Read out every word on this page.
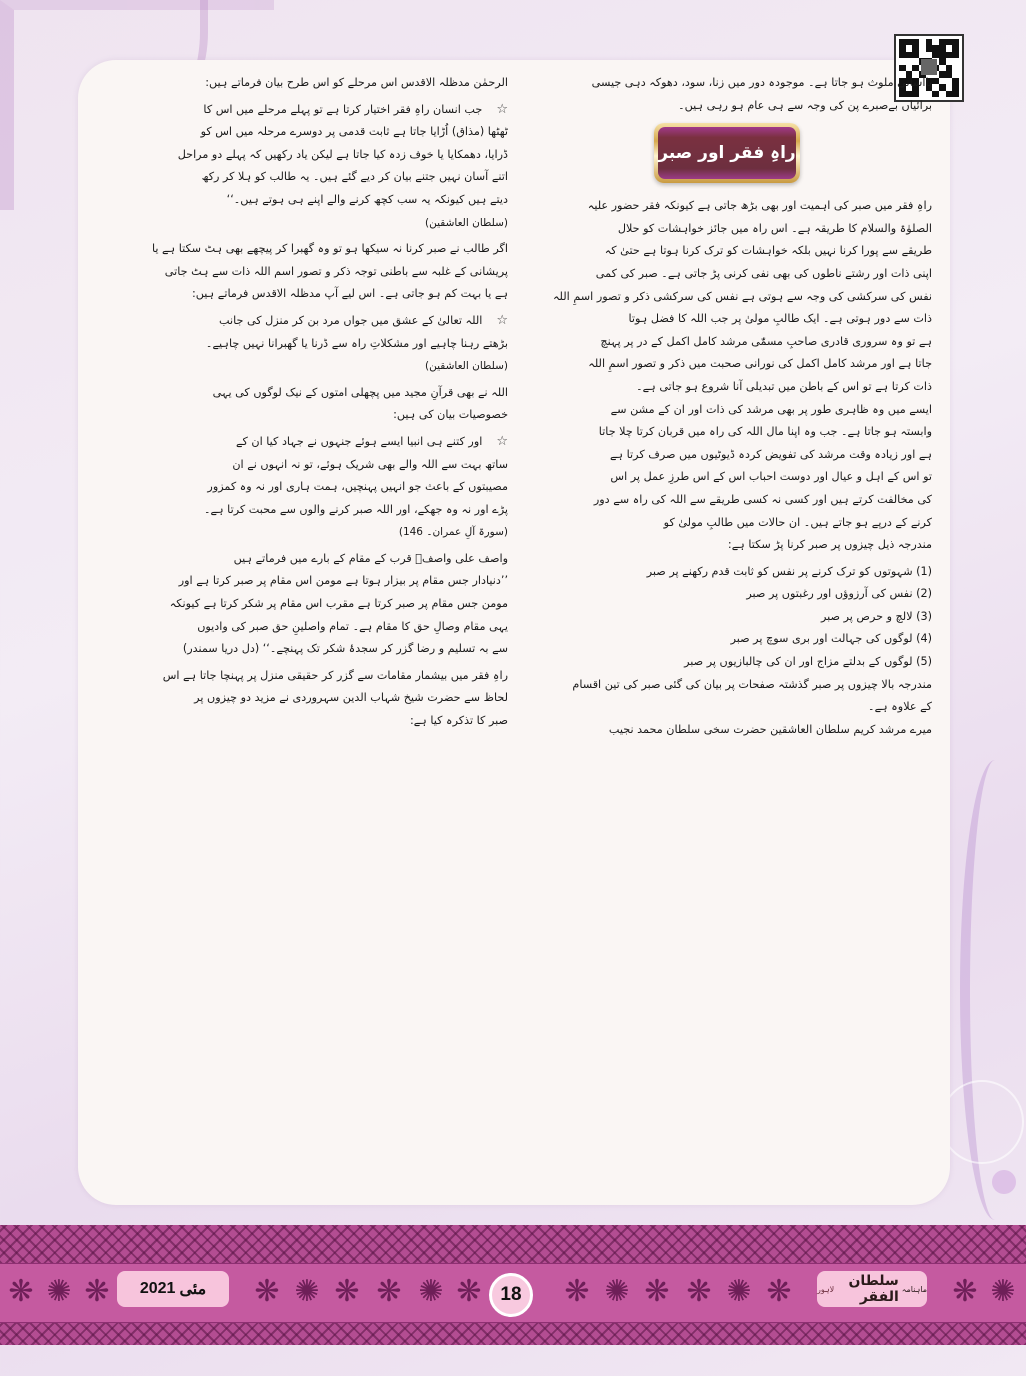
باآسانی ملوث ہو جاتا ہے۔ موجودہ دور میں زنا، سود، دھوکہ دہی جیسی
برائیاں بےصبرے پن کی وجہ سے ہی عام ہو رہی ہیں۔

راہِ فقر اور صبر

راہِ فقر میں صبر کی اہمیت اور بھی بڑھ جاتی ہے کیونکہ فقر حضور علیہ
الصلوٰۃ والسلام کا طریقہ ہے۔ اس راہ میں جائز خواہشات کو حلال
طریقے سے پورا کرنا نہیں بلکہ خواہشات کو ترک کرنا ہوتا ہے حتیٰ کہ
اپنی ذات اور رشتے ناطوں کی بھی نفی کرنی پڑ جاتی ہے۔ صبر کی کمی
نفس کی سرکشی کی وجہ سے ہوتی ہے نفس کی سرکشی ذکر و تصور اسمِ اللہ
ذات سے دور ہوتی ہے۔ ایک طالبِ مولیٰ پر جب اللہ کا فضل ہوتا
ہے تو وہ سروری قادری صاحبِ مسمّٰی مرشد کامل اکمل کے در پر پہنچ
جاتا ہے اور مرشد کامل اکمل کی نورانی صحبت میں ذکر و تصور اسمِ اللہ
ذات کرتا ہے تو اس کے باطن میں تبدیلی آنا شروع ہو جاتی ہے۔
ایسے میں وہ ظاہری طور پر بھی مرشد کی ذات اور ان کے مشن سے
وابستہ ہو جاتا ہے۔ جب وہ اپنا مال اللہ کی راہ میں قربان کرتا چلا جاتا
ہے اور زیادہ وقت مرشد کی تفویض کردہ ڈیوٹیوں میں صرف کرتا ہے
تو اس کے اہل و عیال اور دوست احباب اس کے اس طرزِ عمل پر اس
کی مخالفت کرتے ہیں اور کسی نہ کسی طریقے سے اللہ کی راہ سے دور
کرنے کے درپے ہو جاتے ہیں۔ ان حالات میں طالبِ مولیٰ کو
مندرجہ ذیل چیزوں پر صبر کرنا پڑ سکتا ہے:

(1) شہوتوں کو ترک کرنے پر نفس کو ثابت قدم رکھنے پر صبر
(2) نفس کی آرزوؤں اور رغبتوں پر صبر
(3) لالچ و حرص پر صبر
(4) لوگوں کی جہالت اور بری سوچ پر صبر
(5) لوگوں کے بدلتے مزاج اور ان کی چالبازیوں پر صبر

مندرجہ بالا چیزوں پر صبر گذشتہ صفحات پر بیان کی گئی صبر کی تین اقسام
کے علاوہ ہے۔
میرے مرشد کریم سلطان العاشقین حضرت سخی سلطان محمد نجیب

الرحمٰن مدظلہ الاقدس اس مرحلے کو اس طرح بیان فرماتے ہیں:

☆جب انسان راہِ فقر اختیار کرتا ہے تو پہلے مرحلے میں اس کا
ٹھٹھا (مذاق) اُڑایا جاتا ہے ثابت قدمی پر دوسرے مرحلہ میں اس کو
ڈرایا، دھمکایا یا خوف زدہ کیا جاتا ہے لیکن یاد رکھیں کہ پہلے دو مراحل
اتنے آسان نہیں جتنے بیان کر دیے گئے ہیں۔ یہ طالب کو ہلا کر رکھ
دیتے ہیں کیونکہ یہ سب کچھ کرنے والے اپنے ہی ہوتے ہیں۔‘‘
(سلطان العاشقین)

اگر طالب نے صبر کرنا نہ سیکھا ہو تو وہ گھبرا کر پیچھے بھی ہٹ سکتا ہے یا
پریشانی کے غلبہ سے باطنی توجہ ذکر و تصور اسم اللہ ذات سے ہٹ جاتی
ہے یا بہت کم ہو جاتی ہے۔ اس لیے آپ مدظلہ الاقدس فرماتے ہیں:

☆اللہ تعالیٰ کے عشق میں جواں مرد بن کر منزل کی جانب
بڑھتے رہنا چاہیے اور مشکلاتِ راہ سے ڈرنا یا گھبرانا نہیں چاہیے۔
(سلطان العاشقین)

اللہ نے بھی قرآنِ مجید میں پچھلی امتوں کے نیک لوگوں کی یہی
خصوصیات بیان کی ہیں:

☆اور کتنے ہی انبیا ایسے ہوئے جنہوں نے جہاد کیا ان کے
ساتھ بہت سے اللہ والے بھی شریک ہوئے، تو نہ انہوں نے ان
مصیبتوں کے باعث جو انہیں پہنچیں، ہمت ہاری اور نہ وہ کمزور
پڑے اور نہ وہ جھکے، اور اللہ صبر کرنے والوں سے محبت کرتا ہے۔
(سورۃ آلِ عمران۔ 146)

واصف علی واصفؒ قرب کے مقام کے بارے میں فرماتے ہیں
’’دنیادار جس مقام پر بیزار ہوتا ہے مومن اس مقام پر صبر کرتا ہے اور
مومن جس مقام پر صبر کرتا ہے مقرب اس مقام پر شکر کرتا ہے کیونکہ
یہی مقام وصالِ حق کا مقام ہے۔ تمام واصلینِ حق صبر کی وادیوں
سے بہ تسلیم و رضا گزر کر سجدۂ شکر تک پہنچے۔‘‘ (دل دریا سمندر)

راہِ فقر میں بیشمار مقامات سے گزر کر حقیقی منزل پر پہنچا جاتا ہے اس
لحاظ سے حضرت شیخ شہاب الدین سہروردی نے مزید دو چیزوں پر
صبر کا تذکرہ کیا ہے:

❋ ✺ ❋	❋ ✺ ❋ ❋ ✺ ❋	❋ ✺ ❋ ❋ ✺ ❋	❋ ✺
مئی
2021	18	ماہنامہ
سلطان الفقر
لاہور
